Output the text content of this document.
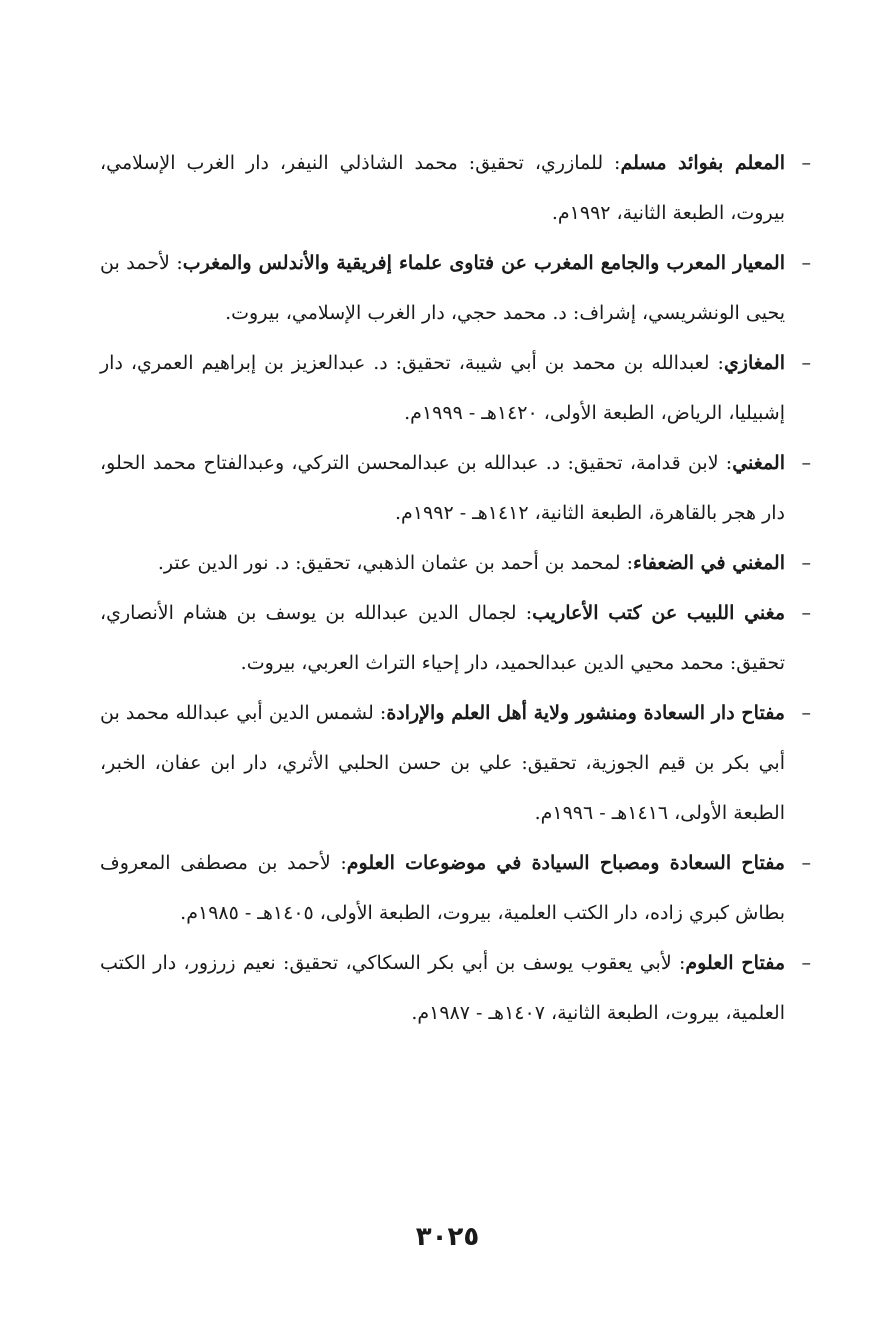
–
المعلم بفوائد مسلم: للمازري، تحقيق: محمد الشاذلي النيفر، دار الغرب الإسلامي، بيروت، الطبعة الثانية، ١٩٩٢م.

–
المعيار المعرب والجامع المغرب عن فتاوى علماء إفريقية والأندلس والمغرب: لأحمد بن يحيى الونشريسي، إشراف: د. محمد حجي، دار الغرب الإسلامي، بيروت.

–
المغازي: لعبدالله بن محمد بن أبي شيبة، تحقيق: د. عبدالعزيز بن إبراهيم العمري، دار إشبيليا، الرياض، الطبعة الأولى، ١٤٢٠هـ - ١٩٩٩م.

–
المغني: لابن قدامة، تحقيق: د. عبدالله بن عبدالمحسن التركي، وعبدالفتاح محمد الحلو، دار هجر بالقاهرة، الطبعة الثانية، ١٤١٢هـ - ١٩٩٢م.

–
المغني في الضعفاء: لمحمد بن أحمد بن عثمان الذهبي، تحقيق: د. نور الدين عتر.

–
مغني اللبيب عن كتب الأعاريب: لجمال الدين عبدالله بن يوسف بن هشام الأنصاري، تحقيق: محمد محيي الدين عبدالحميد، دار إحياء التراث العربي، بيروت.

–
مفتاح دار السعادة ومنشور ولاية أهل العلم والإرادة: لشمس الدين أبي عبدالله محمد بن أبي بكر بن قيم الجوزية، تحقيق: علي بن حسن الحلبي الأثري، دار ابن عفان، الخبر، الطبعة الأولى، ١٤١٦هـ - ١٩٩٦م.

–
مفتاح السعادة ومصباح السيادة في موضوعات العلوم: لأحمد بن مصطفى المعروف بطاش كبري زاده، دار الكتب العلمية، بيروت، الطبعة الأولى، ١٤٠٥هـ - ١٩٨٥م.

–
مفتاح العلوم: لأبي يعقوب يوسف بن أبي بكر السكاكي، تحقيق: نعيم زرزور، دار الكتب العلمية، بيروت، الطبعة الثانية، ١٤٠٧هـ - ١٩٨٧م.

٣٠٢٥
